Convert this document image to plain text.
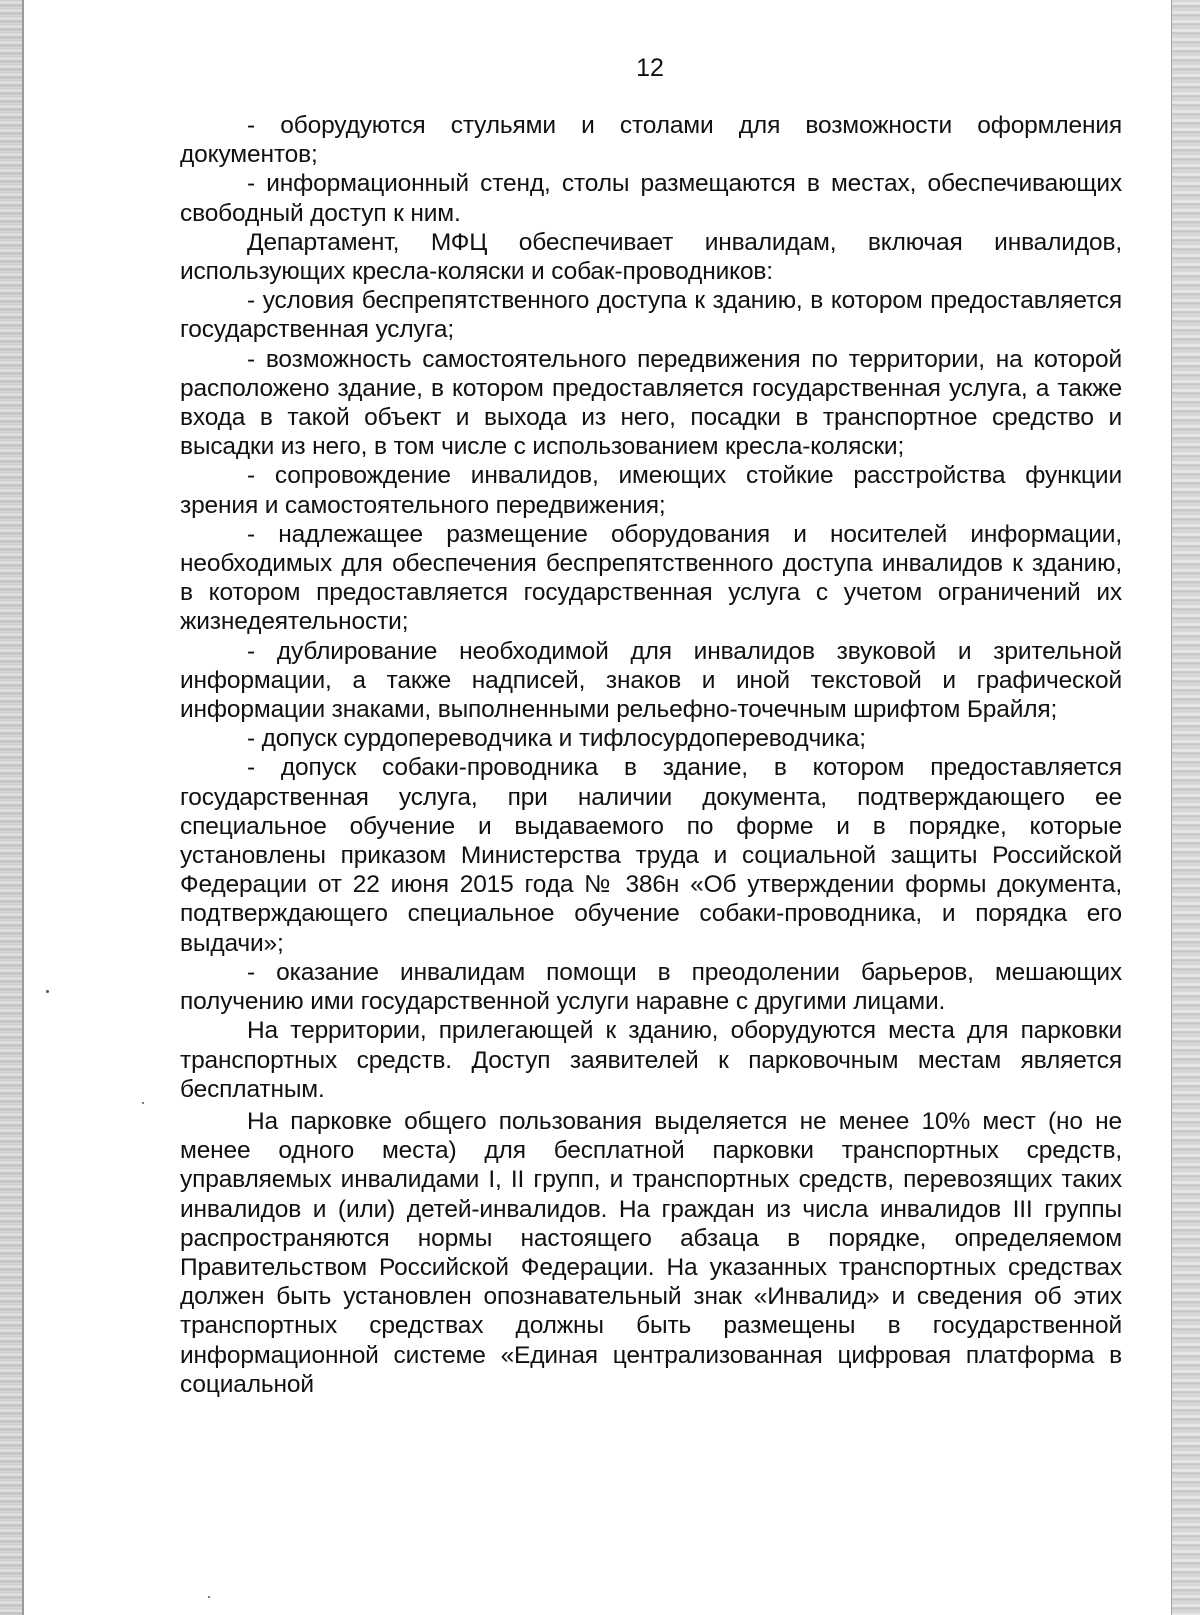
12

- оборудуются стульями и столами для возможности оформления документов;

- информационный стенд, столы размещаются в местах, обеспечивающих свободный доступ к ним.

Департамент, МФЦ обеспечивает инвалидам, включая инвалидов, использующих кресла-коляски и собак-проводников:

- условия беспрепятственного доступа к зданию, в котором предоставляется государственная услуга;

- возможность самостоятельного передвижения по территории, на которой расположено здание, в котором предоставляется государственная услуга, а также входа в такой объект и выхода из него, посадки в транспортное средство и высадки из него, в том числе с использованием кресла-коляски;

- сопровождение инвалидов, имеющих стойкие расстройства функции зрения и самостоятельного передвижения;

- надлежащее размещение оборудования и носителей информации, необходимых для обеспечения беспрепятственного доступа инвалидов к зданию, в котором предоставляется государственная услуга с учетом ограничений их жизнедеятельности;

- дублирование необходимой для инвалидов звуковой и зрительной информации, а также надписей, знаков и иной текстовой и графической информации знаками, выполненными рельефно-точечным шрифтом Брайля;

- допуск сурдопереводчика и тифлосурдопереводчика;

- допуск собаки-проводника в здание, в котором предоставляется государственная услуга, при наличии документа, подтверждающего ее специальное обучение и выдаваемого по форме и в порядке, которые установлены приказом Министерства труда и социальной защиты Российской Федерации от 22 июня 2015 года № 386н «Об утверждении формы документа, подтверждающего специальное обучение собаки-проводника, и порядка его выдачи»;

- оказание инвалидам помощи в преодолении барьеров, мешающих получению ими государственной услуги наравне с другими лицами.

На территории, прилегающей к зданию, оборудуются места для парковки транспортных средств. Доступ заявителей к парковочным местам является бесплатным.

На парковке общего пользования выделяется не менее 10% мест (но не менее одного места) для бесплатной парковки транспортных средств, управляемых инвалидами I, II групп, и транспортных средств, перевозящих таких инвалидов и (или) детей-инвалидов. На граждан из числа инвалидов III группы распространяются нормы настоящего абзаца в порядке, определяемом Правительством Российской Федерации. На указанных транспортных средствах должен быть установлен опознавательный знак «Инвалид» и сведения об этих транспортных средствах должны быть размещены в государственной информационной системе «Единая централизованная цифровая платформа в социальной
